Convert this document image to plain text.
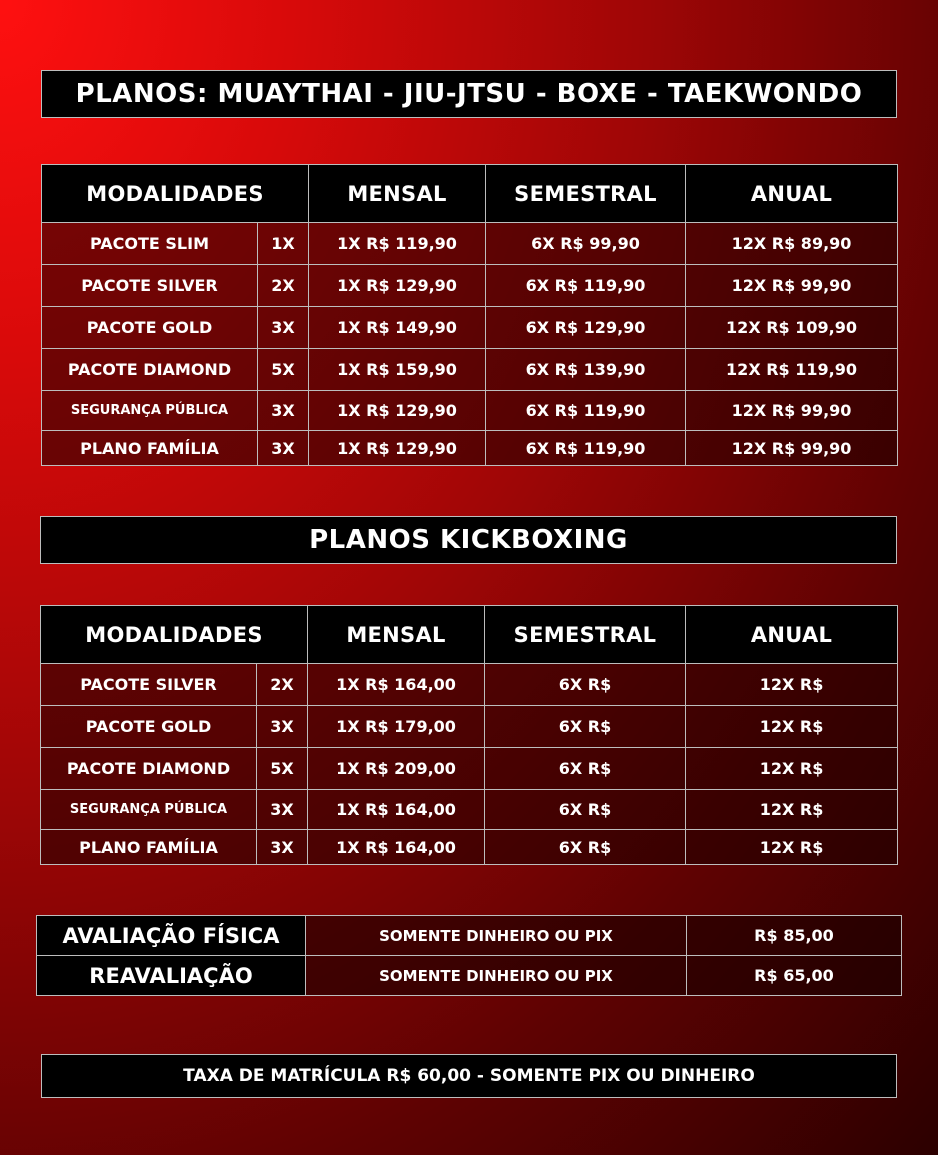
PLANOS: MUAYTHAI - JIU-JTSU - BOXE - TAEKWONDO
MODALIDADES		MENSAL	SEMESTRAL	ANUAL
PACOTE SLIM	1X	1X R$ 119,90	6X R$ 99,90	12X R$ 89,90
PACOTE SILVER	2X	1X R$ 129,90	6X R$ 119,90	12X R$ 99,90
PACOTE GOLD	3X	1X R$ 149,90	6X R$ 129,90	12X R$ 109,90
PACOTE DIAMOND	5X	1X R$ 159,90	6X R$ 139,90	12X R$ 119,90
SEGURANÇA PÚBLICA	3X	1X R$ 129,90	6X R$ 119,90	12X R$ 99,90
PLANO FAMÍLIA	3X	1X R$ 129,90	6X R$ 119,90	12X R$ 99,90
PLANOS KICKBOXING
MODALIDADES		MENSAL	SEMESTRAL	ANUAL
PACOTE SILVER	2X	1X R$ 164,00	6X R$	12X R$
PACOTE GOLD	3X	1X R$ 179,00	6X R$	12X R$
PACOTE DIAMOND	5X	1X R$ 209,00	6X R$	12X R$
SEGURANÇA PÚBLICA	3X	1X R$ 164,00	6X R$	12X R$
PLANO FAMÍLIA	3X	1X R$ 164,00	6X R$	12X R$
AVALIAÇÃO FÍSICA	SOMENTE DINHEIRO OU PIX	R$ 85,00
REAVALIAÇÃO	SOMENTE DINHEIRO OU PIX	R$ 65,00
TAXA DE MATRÍCULA R$ 60,00 - SOMENTE PIX OU DINHEIRO
